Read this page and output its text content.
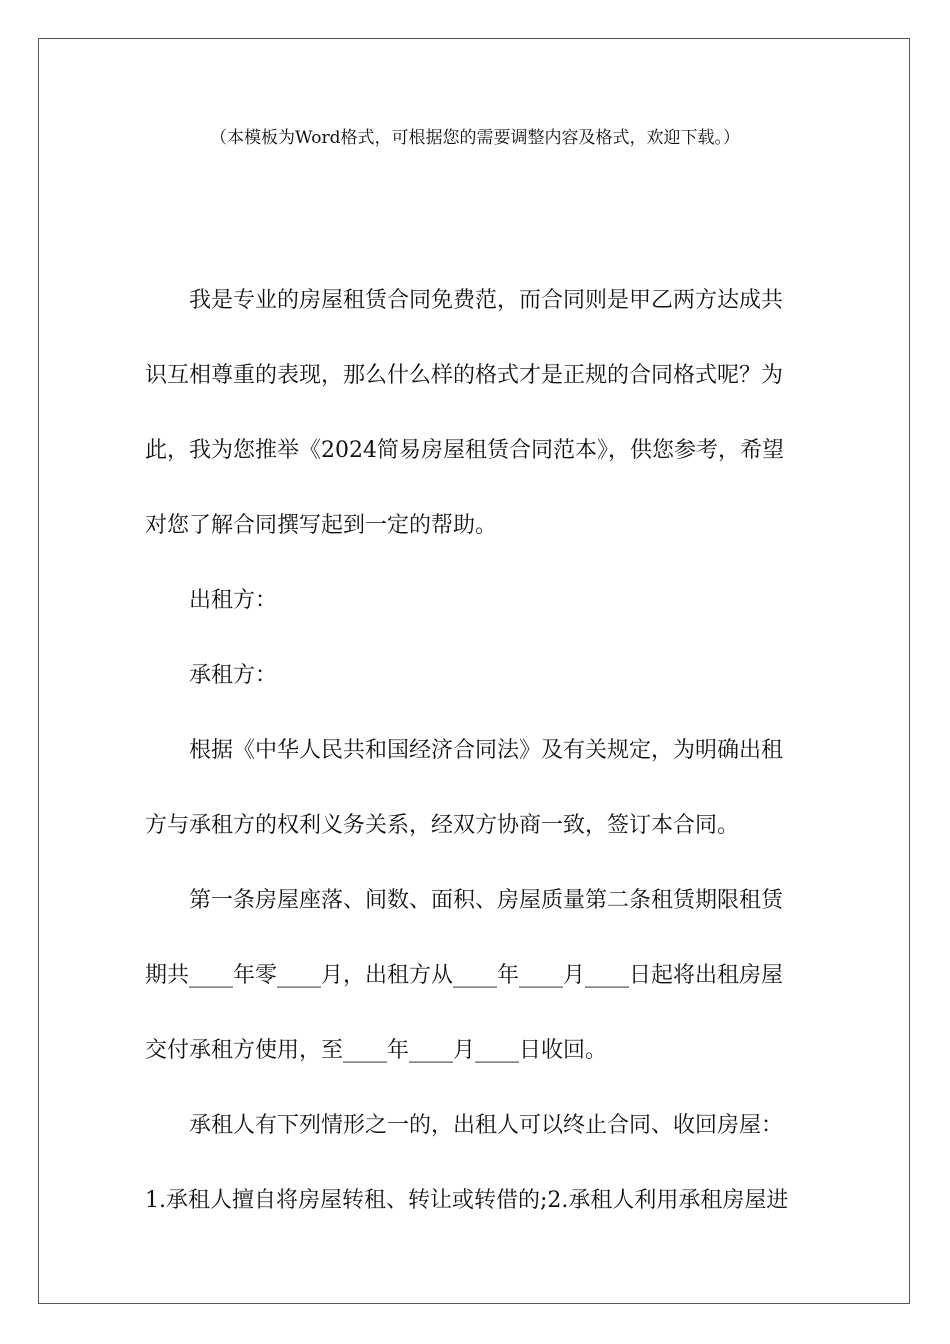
（本模板为Word格式，可根据您的需要调整内容及格式，欢迎下载。）
我是专业的房屋租赁合同免费范，而合同则是甲乙两方达成共
识互相尊重的表现，那么什么样的格式才是正规的合同格式呢？为
此，我为您推举《2024简易房屋租赁合同范本》，供您参考，希望
对您了解合同撰写起到一定的帮助。
出租方：
承租方：
根据《中华人民共和国经济合同法》及有关规定，为明确出租
方与承租方的权利义务关系，经双方协商一致，签订本合同。
第一条房屋座落、间数、面积、房屋质量第二条租赁期限租赁
期共____年零____月，出租方从____年____月____日起将出租房屋
交付承租方使用，至____年____月____日收回。
承租人有下列情形之一的，出租人可以终止合同、收回房屋：
1.承租人擅自将房屋转租、转让或转借的;2.承租人利用承租房屋进
